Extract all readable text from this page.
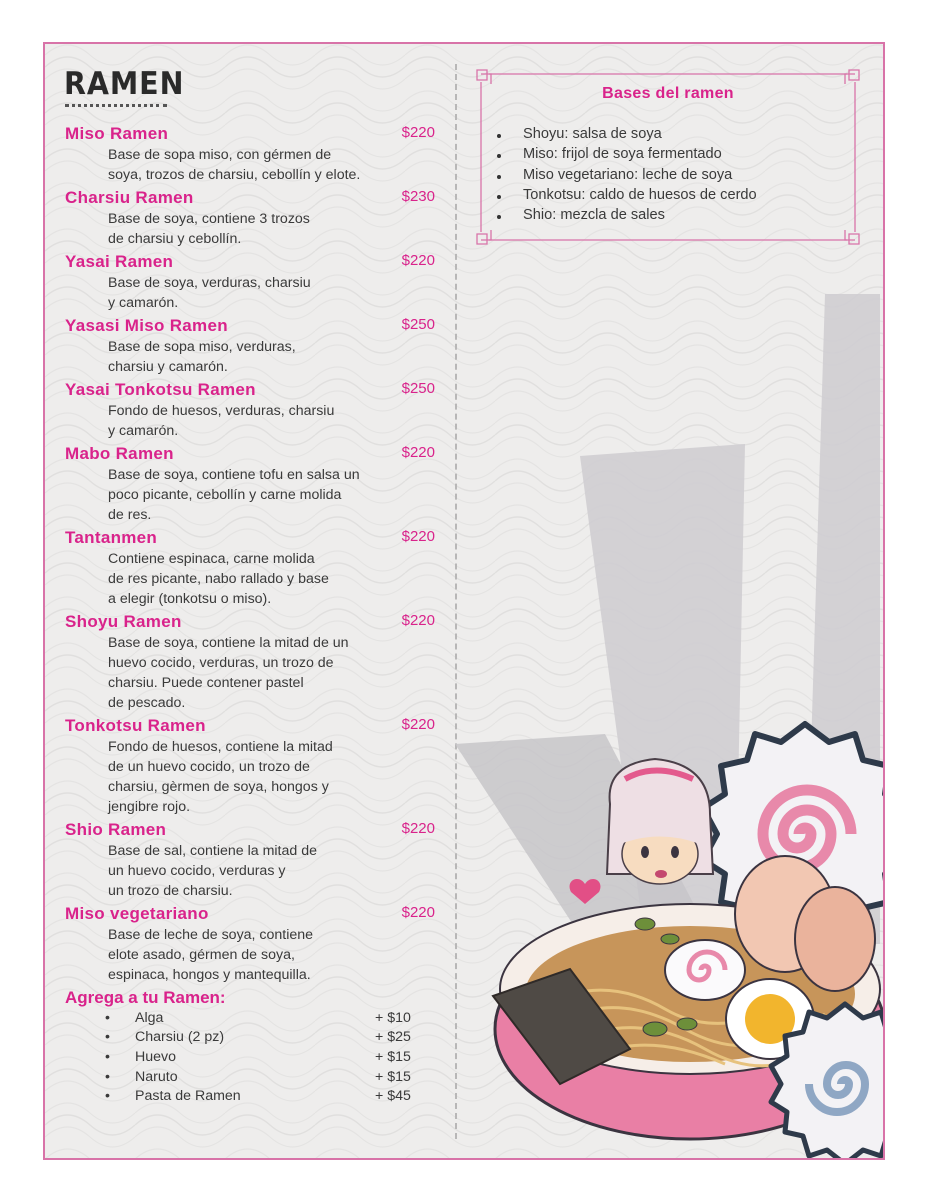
RAMEN
Miso Ramen	$220
Base de sopa miso, con gérmen de
soya, trozos de charsiu, cebollín y elote.
Charsiu Ramen	$230
Base de soya, contiene 3 trozos
de charsiu y cebollín.
Yasai Ramen	$220
Base de soya, verduras, charsiu
y camarón.
Yasasi Miso Ramen	$250
Base de sopa miso, verduras,
charsiu y camarón.
Yasai Tonkotsu Ramen	$250
Fondo de huesos, verduras, charsiu
y camarón.
Mabo Ramen	$220
Base de soya, contiene tofu en salsa un
poco picante, cebollín y carne molida
de res.
Tantanmen	$220
Contiene espinaca, carne molida
de res picante, nabo rallado y base
a elegir (tonkotsu o miso).
Shoyu Ramen	$220
Base de soya, contiene la mitad de un
huevo cocido, verduras, un trozo de
charsiu. Puede contener pastel
de pescado.
Tonkotsu Ramen	$220
Fondo de huesos, contiene la mitad
de un huevo cocido, un trozo de
charsiu, gèrmen de soya, hongos y
jengibre rojo.
Shio Ramen	$220
Base de sal, contiene la mitad de
un huevo cocido, verduras y
un trozo de charsiu.
Miso vegetariano	$220
Base de leche de soya, contiene
elote asado, gérmen de soya,
espinaca, hongos y mantequilla.
Agrega a tu Ramen:
•	Alga	+ $10
•	Charsiu (2 pz)	+ $25
•	Huevo	+ $15
•	Naruto	+ $15
•	Pasta de Ramen	+ $45
Bases del ramen
Shoyu: salsa de soya
Miso: frijol de soya fermentado
Miso vegetariano: leche de soya
Tonkotsu: caldo de huesos de cerdo
Shio: mezcla de sales
